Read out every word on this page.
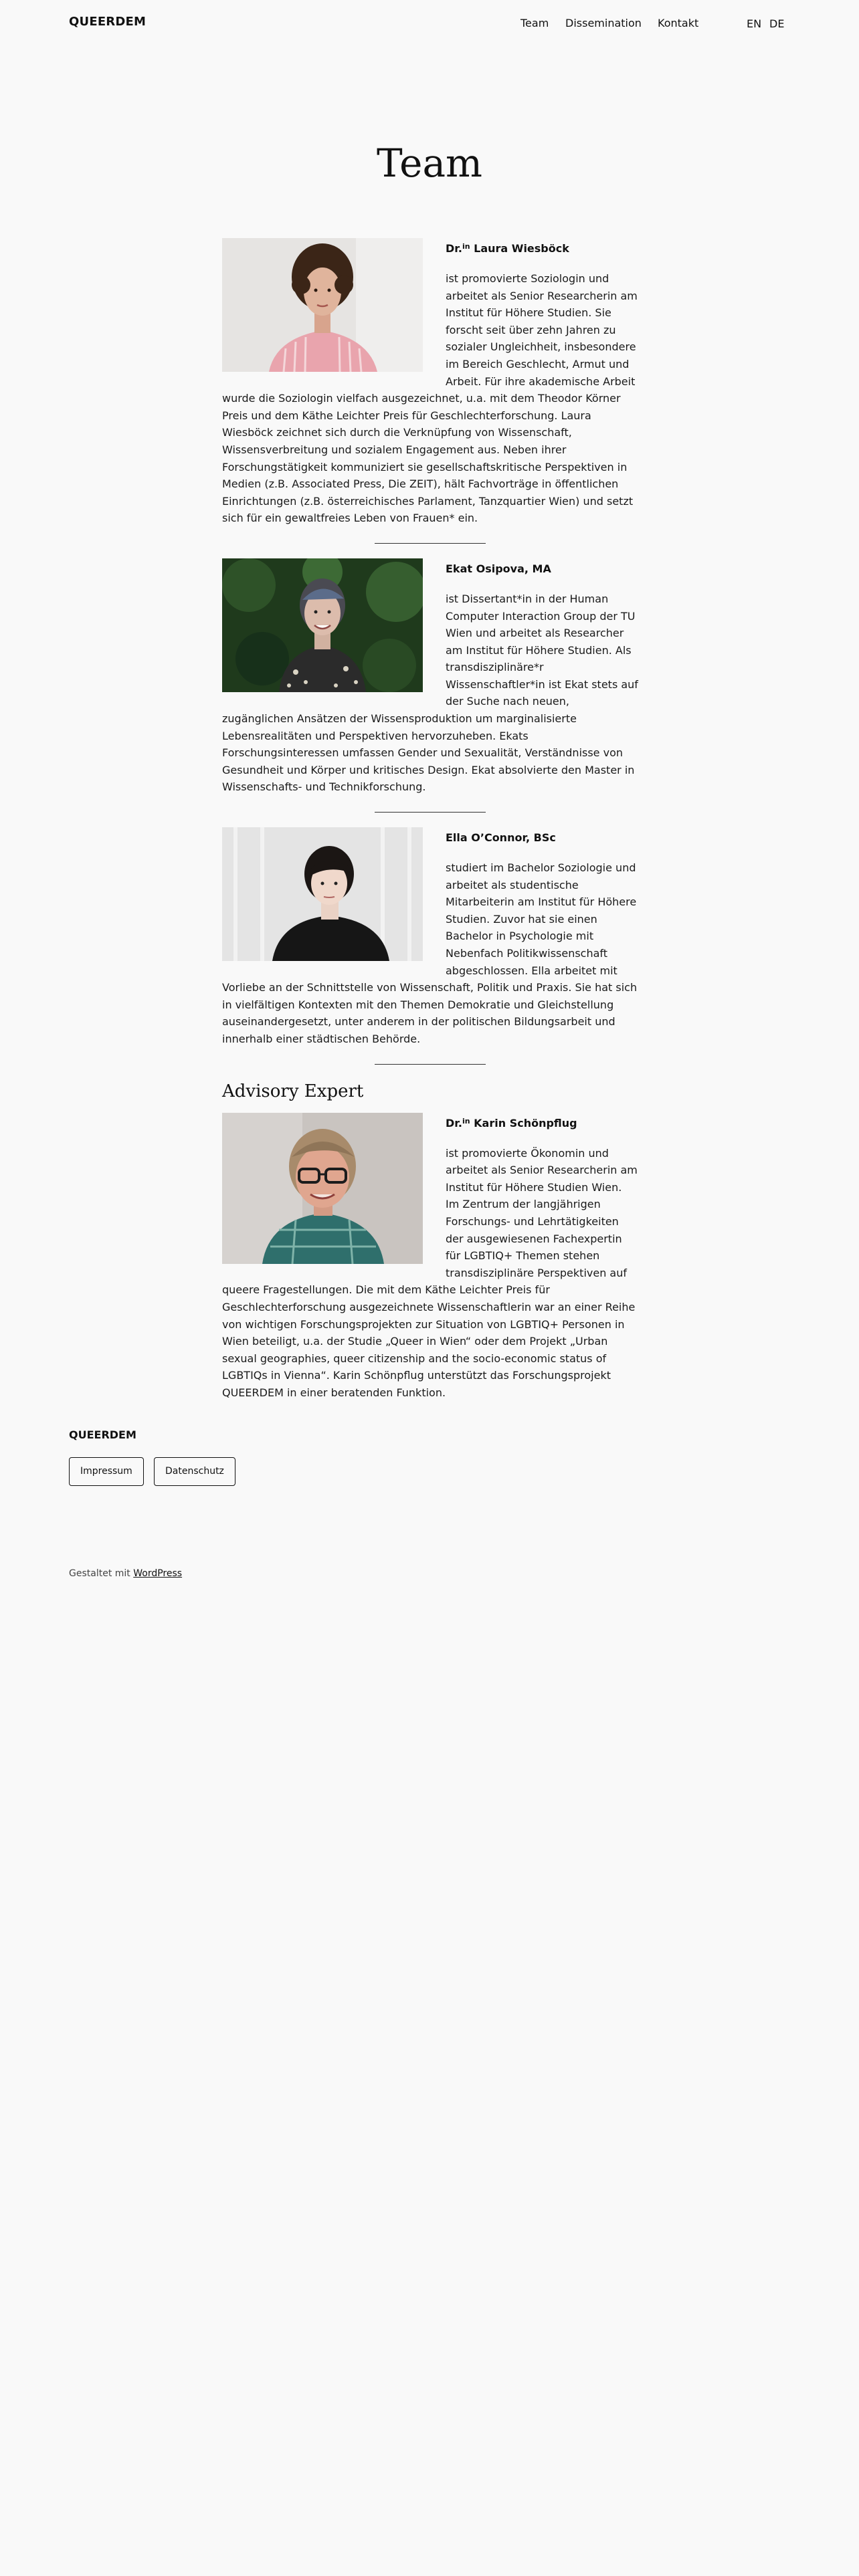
QUEERDEM	Team Dissemination Kontakt	EN DE
Team
Dr.$^{in}$ Laura Wiesböck

ist promovierte Soziologin und arbeitet als Senior Researcherin am Institut für Höhere Studien. Sie forscht seit über zehn Jahren zu sozialer Ungleichheit, insbesondere im Bereich Geschlecht, Armut und Arbeit. Für ihre akademische Arbeit wurde die Soziologin vielfach ausgezeichnet, u.a. mit dem Theodor Körner Preis und dem Käthe Leichter Preis für Geschlechterforschung. Laura Wiesböck zeichnet sich durch die Verknüpfung von Wissenschaft, Wissensverbreitung und sozialem Engagement aus. Neben ihrer Forschungstätigkeit kommuniziert sie gesellschaftskritische Perspektiven in Medien (z.B. Associated Press, Die ZEIT), hält Fachvorträge in öffentlichen Einrichtungen (z.B. österreichisches Parlament, Tanzquartier Wien) und setzt sich für ein gewaltfreies Leben von Frauen* ein.

Ekat Osipova, MA

ist Dissertant*in in der Human Computer Interaction Group der TU Wien und arbeitet als Researcher am Institut für Höhere Studien. Als transdisziplinäre*r Wissenschaftler*in ist Ekat stets auf der Suche nach neuen, zugänglichen Ansätzen der Wissensproduktion um marginalisierte Lebensrealitäten und Perspektiven hervorzuheben. Ekats Forschungsinteressen umfassen Gender und Sexualität, Verständnisse von Gesundheit und Körper und kritisches Design. Ekat absolvierte den Master in Wissenschafts- und Technikforschung.

Ella O’Connor, BSc

studiert im Bachelor Soziologie und arbeitet als studentische Mitarbeiterin am Institut für Höhere Studien. Zuvor hat sie einen Bachelor in Psychologie mit Nebenfach Politikwissenschaft abgeschlossen. Ella arbeitet mit Vorliebe an der Schnittstelle von Wissenschaft, Politik und Praxis. Sie hat sich in vielfältigen Kontexten mit den Themen Demokratie und Gleichstellung auseinandergesetzt, unter anderem in der politischen Bildungsarbeit und innerhalb einer städtischen Behörde.

Advisory Expert
Dr.$^{in}$ Karin Schönpflug

ist promovierte Ökonomin und arbeitet als Senior Researcherin am Institut für Höhere Studien Wien. Im Zentrum der langjährigen Forschungs- und Lehrtätigkeiten der ausgewiesenen Fachexpertin für LGBTIQ+ Themen stehen transdisziplinäre Perspektiven auf queere Fragestellungen. Die mit dem Käthe Leichter Preis für Geschlechterforschung ausgezeichnete Wissenschaftlerin war an einer Reihe von wichtigen Forschungsprojekten zur Situation von LGBTIQ+ Personen in Wien beteiligt, u.a. der Studie „Queer in Wien“ oder dem Projekt „Urban sexual geographies, queer citizenship and the socio-economic status of LGBTIQs in Vienna“. Karin Schönpflug unterstützt das Forschungsprojekt QUEERDEM in einer beratenden Funktion.

QUEERDEM
Impressum	Datenschutz
Gestaltet mit WordPress
